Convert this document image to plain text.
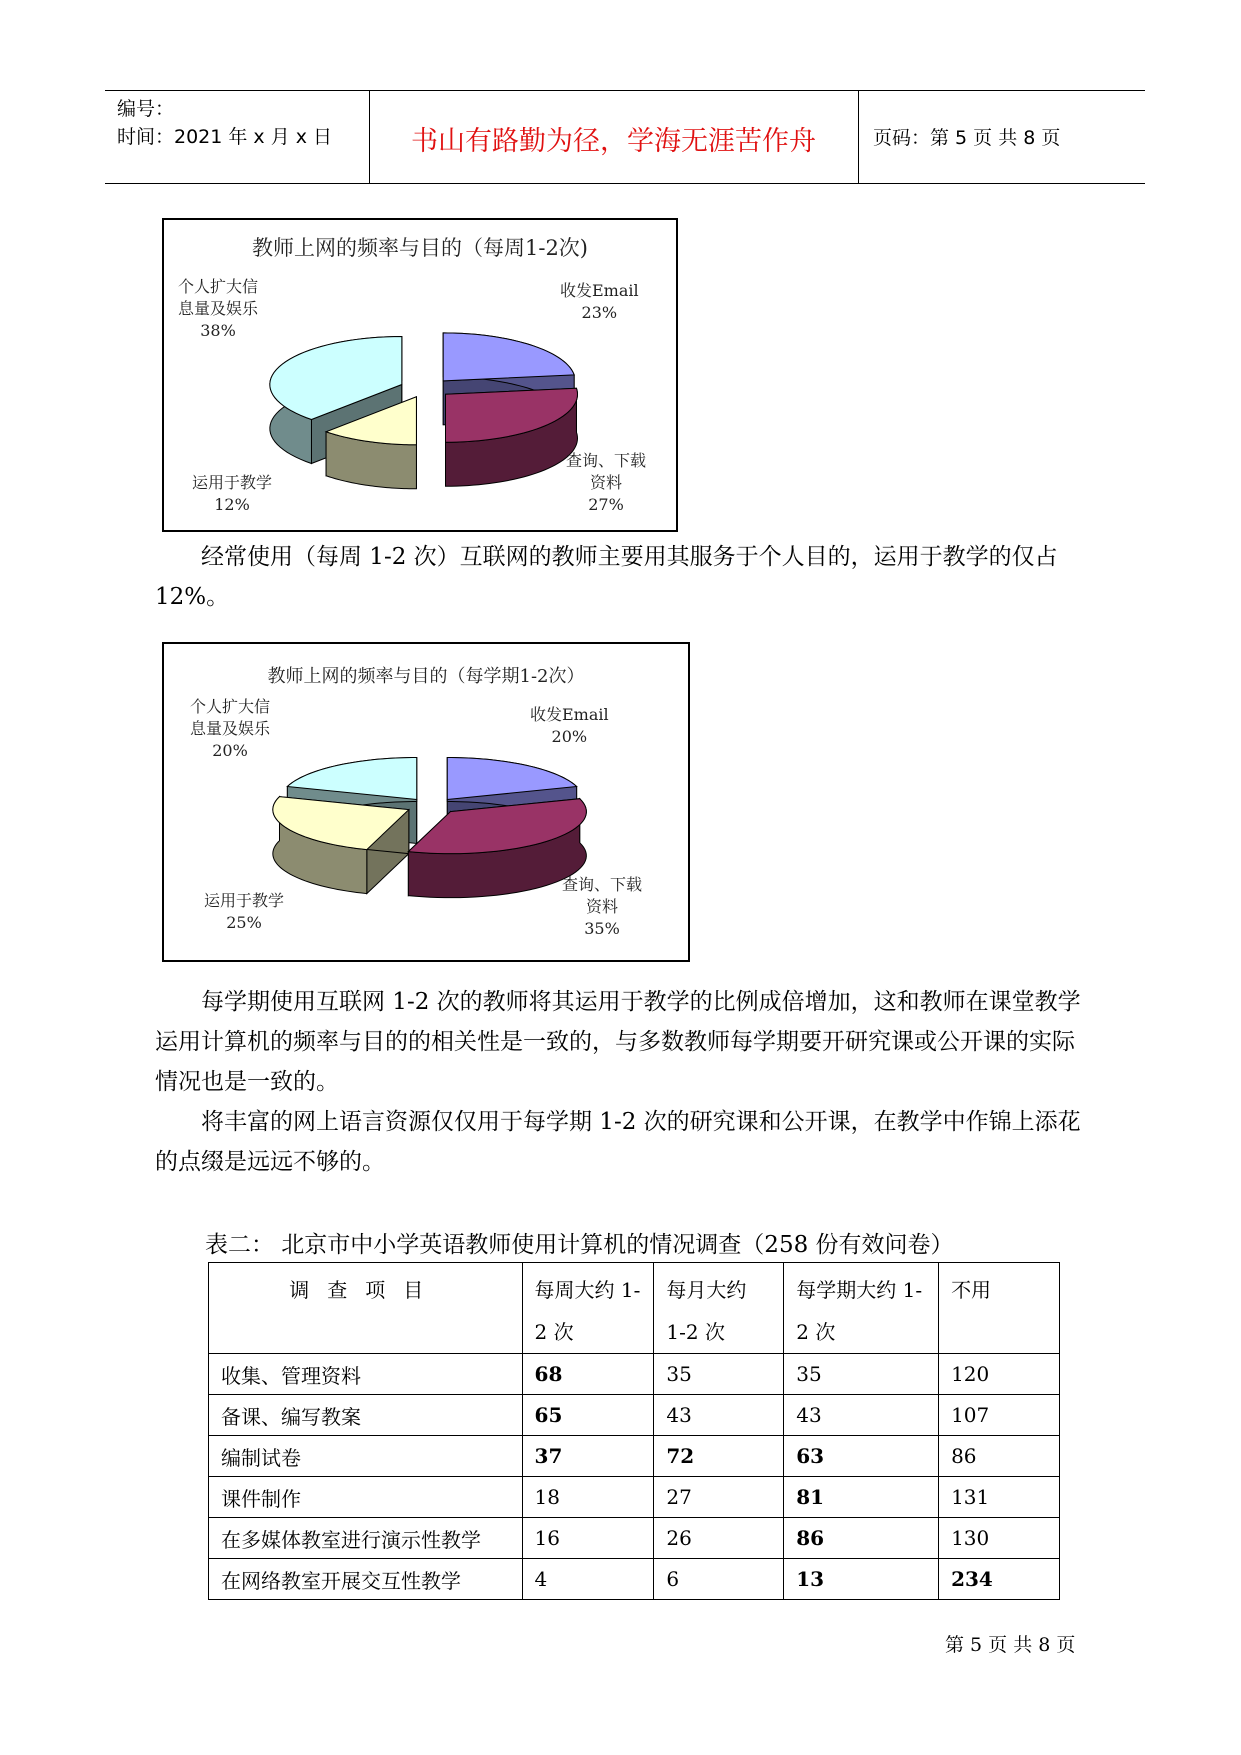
编号：
时间：2021 年 x 月 x 日	书山有路勤为径，学海无涯苦作舟	页码：第 5 页 共 8 页
教师上网的频率与目的（每周1-2次)
收发Email
23%
查询、下载
资料
27%
运用于教学
12%
个人扩大信
息量及娱乐
38%

经常使用（每周 1-2 次）互联网的教师主要用其服务于个人目的，运用于教学的仅占 12%。

教师上网的频率与目的（每学期1-2次）
收发Email
20%
查询、下载
资料
35%
运用于教学
25%
个人扩大信
息量及娱乐
20%

每学期使用互联网 1-2 次的教师将其运用于教学的比例成倍增加，这和教师在课堂教学运用计算机的频率与目的的相关性是一致的，与多数教师每学期要开研究课或公开课的实际情况也是一致的。

将丰富的网上语言资源仅仅用于每学期 1-2 次的研究课和公开课，在教学中作锦上添花的点缀是远远不够的。

表二： 北京市中小学英语教师使用计算机的情况调查（258 份有效问卷）
调查项目	每周大约 1-2 次	每月大约 1-2 次	每学期大约 1-2 次	不用
收集、管理资料	68	35	35	120
备课、编写教案	65	43	43	107
编制试卷	37	72	63	86
课件制作	18	27	81	131
在多媒体教室进行演示性教学	16	26	86	130
在网络教室开展交互性教学	4	6	13	234
第 5 页 共 8 页
